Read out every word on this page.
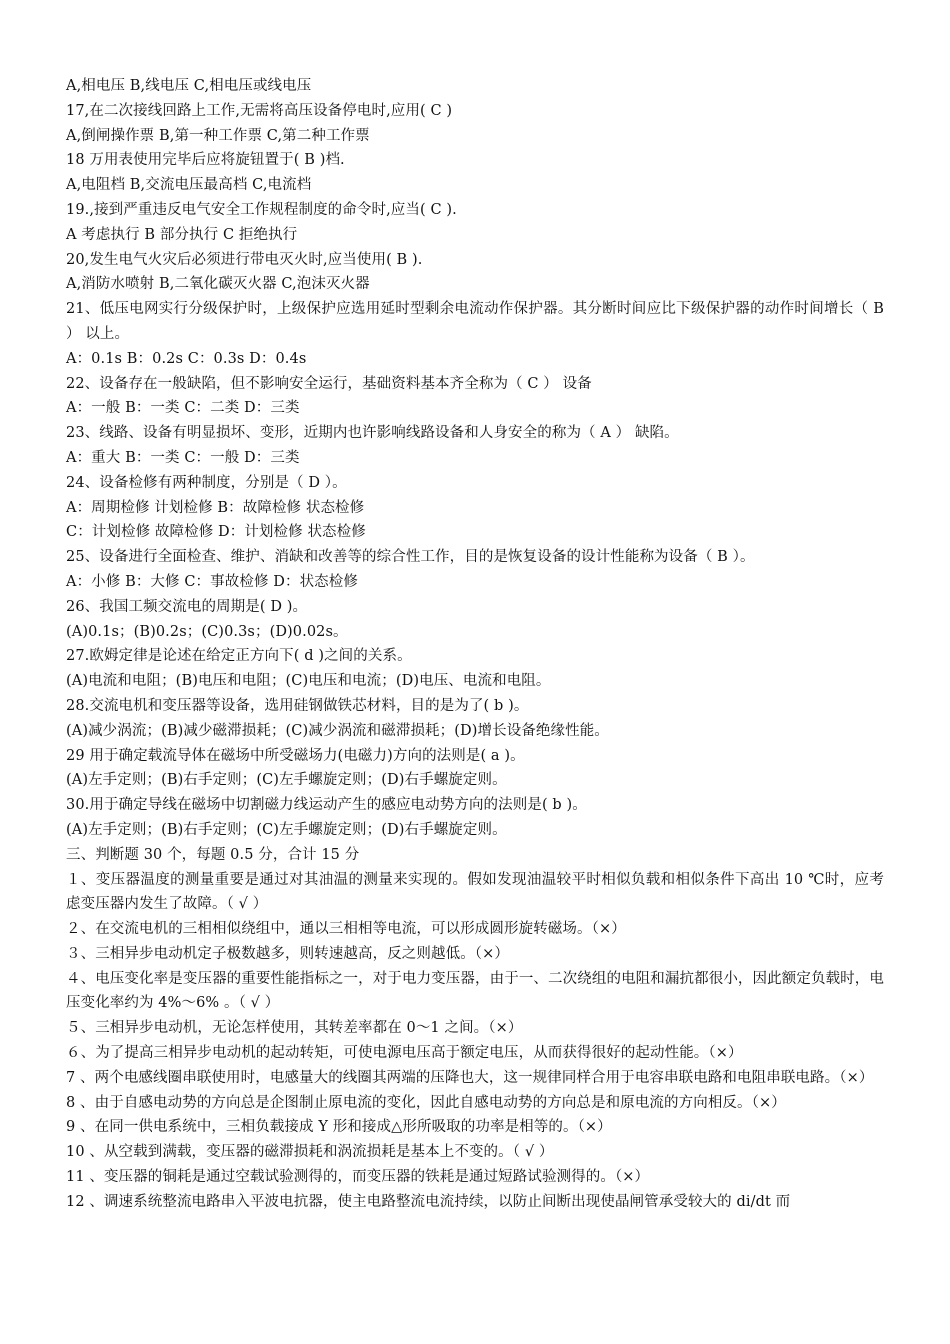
A,相电压 B,线电压 C,相电压或线电压
17,在二次接线回路上工作,无需将高压设备停电时,应用( C )
A,倒闸操作票 B,第一种工作票 C,第二种工作票
18 万用表使用完毕后应将旋钮置于( B )档.
A,电阻档 B,交流电压最高档 C,电流档
19.,接到严重违反电气安全工作规程制度的命令时,应当( C ).
A 考虑执行 B 部分执行 C 拒绝执行
20,发生电气火灾后必须进行带电灭火时,应当使用( B ).
A,消防水喷射 B,二氧化碳灭火器 C,泡沫灭火器
21、低压电网实行分级保护时，上级保护应选用延时型剩余电流动作保护器。其分断时间应比下级保护器的动作时间增长（ B ） 以上。
A：0.1s B：0.2s C：0.3s D：0.4s
22、设备存在一般缺陷，但不影响安全运行，基础资料基本齐全称为（ C ） 设备
A：一般 B：一类 C：二类 D：三类
23、线路、设备有明显损坏、变形，近期内也许影响线路设备和人身安全的称为（ A ） 缺陷。
A：重大 B：一类 C：一般 D：三类
24、设备检修有两种制度，分别是（ D ）。
A：周期检修 计划检修 B：故障检修 状态检修
C：计划检修 故障检修 D：计划检修 状态检修
25、设备进行全面检查、维护、消缺和改善等的综合性工作，目的是恢复设备的设计性能称为设备（ B ）。
A：小修 B：大修 C：事故检修 D：状态检修
26、我国工频交流电的周期是( D )。
(A)0.1s；(B)0.2s；(C)0.3s；(D)0.02s。
27.欧姆定律是论述在给定正方向下( d )之间的关系。
(A)电流和电阻；(B)电压和电阻；(C)电压和电流；(D)电压、电流和电阻。
28.交流电机和变压器等设备，选用硅钢做铁芯材料，目的是为了( b )。
(A)减少涡流；(B)减少磁滞损耗；(C)减少涡流和磁滞损耗；(D)增长设备绝缘性能。
29 用于确定载流导体在磁场中所受磁场力(电磁力)方向的法则是( a )。
(A)左手定则；(B)右手定则；(C)左手螺旋定则；(D)右手螺旋定则。
30.用于确定导线在磁场中切割磁力线运动产生的感应电动势方向的法则是( b )。
(A)左手定则；(B)右手定则；(C)左手螺旋定则；(D)右手螺旋定则。
三、判断题 30 个，每题 0.5 分，合计 15 分
１、变压器温度的测量重要是通过对其油温的测量来实现的。假如发现油温较平时相似负载和相似条件下高出 10 ℃时，应考虑变压器内发生了故障。（ √ ）
２、在交流电机的三相相似绕组中，通以三相相等电流，可以形成圆形旋转磁场。（×）
３、三相异步电动机定子极数越多，则转速越高，反之则越低。（×）
４、电压变化率是变压器的重要性能指标之一，对于电力变压器，由于一、二次绕组的电阻和漏抗都很小，因此额定负载时，电压变化率约为 4%～6% 。（ √ ）
５、三相异步电动机，无论怎样使用，其转差率都在 0～1 之间。（×）
６、为了提高三相异步电动机的起动转矩，可使电源电压高于额定电压，从而获得很好的起动性能。（×）
7 、两个电感线圈串联使用时，电感量大的线圈其两端的压降也大，这一规律同样合用于电容串联电路和电阻串联电路。（×）
8 、由于自感电动势的方向总是企图制止原电流的变化，因此自感电动势的方向总是和原电流的方向相反。（×）
9 、在同一供电系统中，三相负载接成 Y 形和接成△形所吸取的功率是相等的。（×）
10 、从空载到满载，变压器的磁滞损耗和涡流损耗是基本上不变的。（ √ ）
11 、变压器的铜耗是通过空载试验测得的，而变压器的铁耗是通过短路试验测得的。（×）
12 、调速系统整流电路串入平波电抗器，使主电路整流电流持续，以防止间断出现使晶闸管承受较大的 di/dt 而
